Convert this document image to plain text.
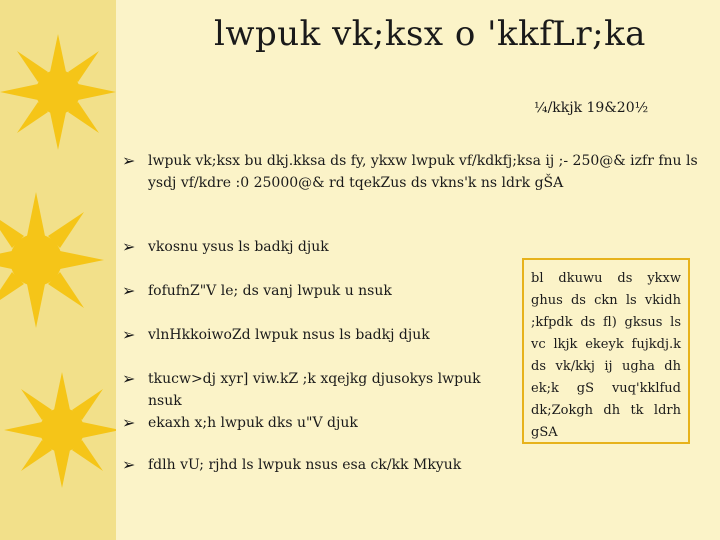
lwpuk vk;ksx o 'kkfLr;ka
¼/kkjk 19&20½
➢ lwpuk vk;ksx bu dkj.kksa ds fy, ykxw lwpuk vf/kdkfj;ksa ij ;- 250@& izfr fnu ls ysdj vf/kdre :0 25000@& rd tqekZus ds vkns'k ns ldrk gŠA
➢ vkosnu ysus ls badkj djuk
➢ fofufnZ"V le; ds vanj lwpuk u nsuk
➢ vlnHkkoiwoZd lwpuk nsus ls badkj djuk
➢ tkucw>dj xyr] viw.kZ ;k xqejkg djusokys lwpuk nsuk
➢ ekaxh x;h lwpuk dks u"V djuk
➢ fdlh vU; rjhd ls lwpuk nsus esa ck/kk Mkyuk
bl dkuwu ds ykxw ghus ds ckn ls vkidh ;kfpdk ds fl) gksus ls vc lkjk ekeyk fujkdj.k ds vk/kkj ij ugha dh ek;k gS vuq'kklfud dk;Zokgh dh tk ldrh gSA
